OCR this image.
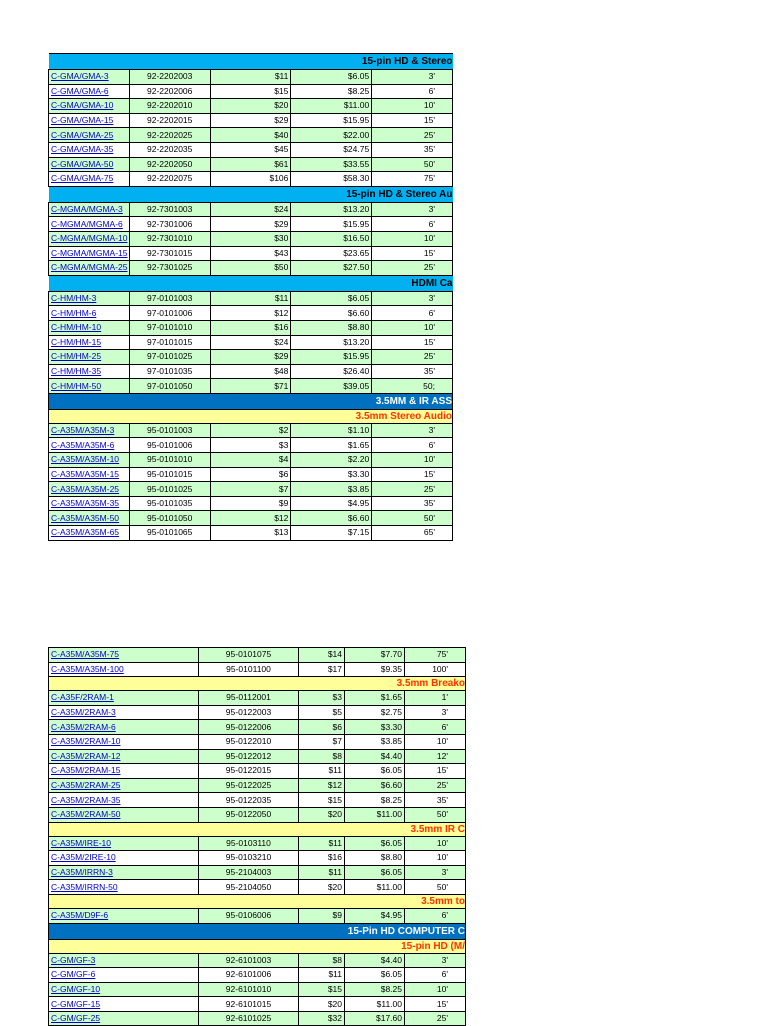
15-pin HD & Stereo				
C-GMA/GMA-3	92-2202003	$11	$6.05	3'
C-GMA/GMA-6	92-2202006	$15	$8.25	6'
C-GMA/GMA-10	92-2202010	$20	$11.00	10'
C-GMA/GMA-15	92-2202015	$29	$15.95	15'
C-GMA/GMA-25	92-2202025	$40	$22.00	25'
C-GMA/GMA-35	92-2202035	$45	$24.75	35'
C-GMA/GMA-50	92-2202050	$61	$33.55	50'
C-GMA/GMA-75	92-2202075	$106	$58.30	75'
15-pin HD & Stereo Au				
C-MGMA/MGMA-3	92-7301003	$24	$13.20	3'
C-MGMA/MGMA-6	92-7301006	$29	$15.95	6'
C-MGMA/MGMA-10	92-7301010	$30	$16.50	10'
C-MGMA/MGMA-15	92-7301015	$43	$23.65	15'
C-MGMA/MGMA-25	92-7301025	$50	$27.50	25'
HDMI Ca				
C-HM/HM-3	97-0101003	$11	$6.05	3'
C-HM/HM-6	97-0101006	$12	$6.60	6'
C-HM/HM-10	97-0101010	$16	$8.80	10'
C-HM/HM-15	97-0101015	$24	$13.20	15'
C-HM/HM-25	97-0101025	$29	$15.95	25'
C-HM/HM-35	97-0101035	$48	$26.40	35'
C-HM/HM-50	97-0101050	$71	$39.05	50;
3.5MM & IR ASS				
3.5mm Stereo Audio				
C-A35M/A35M-3	95-0101003	$2	$1.10	3'
C-A35M/A35M-6	95-0101006	$3	$1.65	6'
C-A35M/A35M-10	95-0101010	$4	$2.20	10'
C-A35M/A35M-15	95-0101015	$6	$3.30	15'
C-A35M/A35M-25	95-0101025	$7	$3.85	25'
C-A35M/A35M-35	95-0101035	$9	$4.95	35'
C-A35M/A35M-50	95-0101050	$12	$6.60	50'
C-A35M/A35M-65	95-0101065	$13	$7.15	65'
C-A35M/A35M-75	95-0101075	$14	$7.70	75'
C-A35M/A35M-100	95-0101100	$17	$9.35	100'
3.5mm Breako				
C-A35F/2RAM-1	95-0112001	$3	$1.65	1'
C-A35M/2RAM-3	95-0122003	$5	$2.75	3'
C-A35M/2RAM-6	95-0122006	$6	$3.30	6'
C-A35M/2RAM-10	95-0122010	$7	$3.85	10'
C-A35M/2RAM-12	95-0122012	$8	$4.40	12'
C-A35M/2RAM-15	95-0122015	$11	$6.05	15'
C-A35M/2RAM-25	95-0122025	$12	$6.60	25'
C-A35M/2RAM-35	95-0122035	$15	$8.25	35'
C-A35M/2RAM-50	95-0122050	$20	$11.00	50'
3.5mm IR C				
C-A35M/IRE-10	95-0103110	$11	$6.05	10'
C-A35M/2IRE-10	95-0103210	$16	$8.80	10'
C-A35M/IRRN-3	95-2104003	$11	$6.05	3'
C-A35M/IRRN-50	95-2104050	$20	$11.00	50'
3.5mm to				
C-A35M/D9F-6	95-0106006	$9	$4.95	6'
15-Pin HD COMPUTER C				
15-pin HD (M/				
C-GM/GF-3	92-6101003	$8	$4.40	3'
C-GM/GF-6	92-6101006	$11	$6.05	6'
C-GM/GF-10	92-6101010	$15	$8.25	10'
C-GM/GF-15	92-6101015	$20	$11.00	15'
C-GM/GF-25	92-6101025	$32	$17.60	25'
